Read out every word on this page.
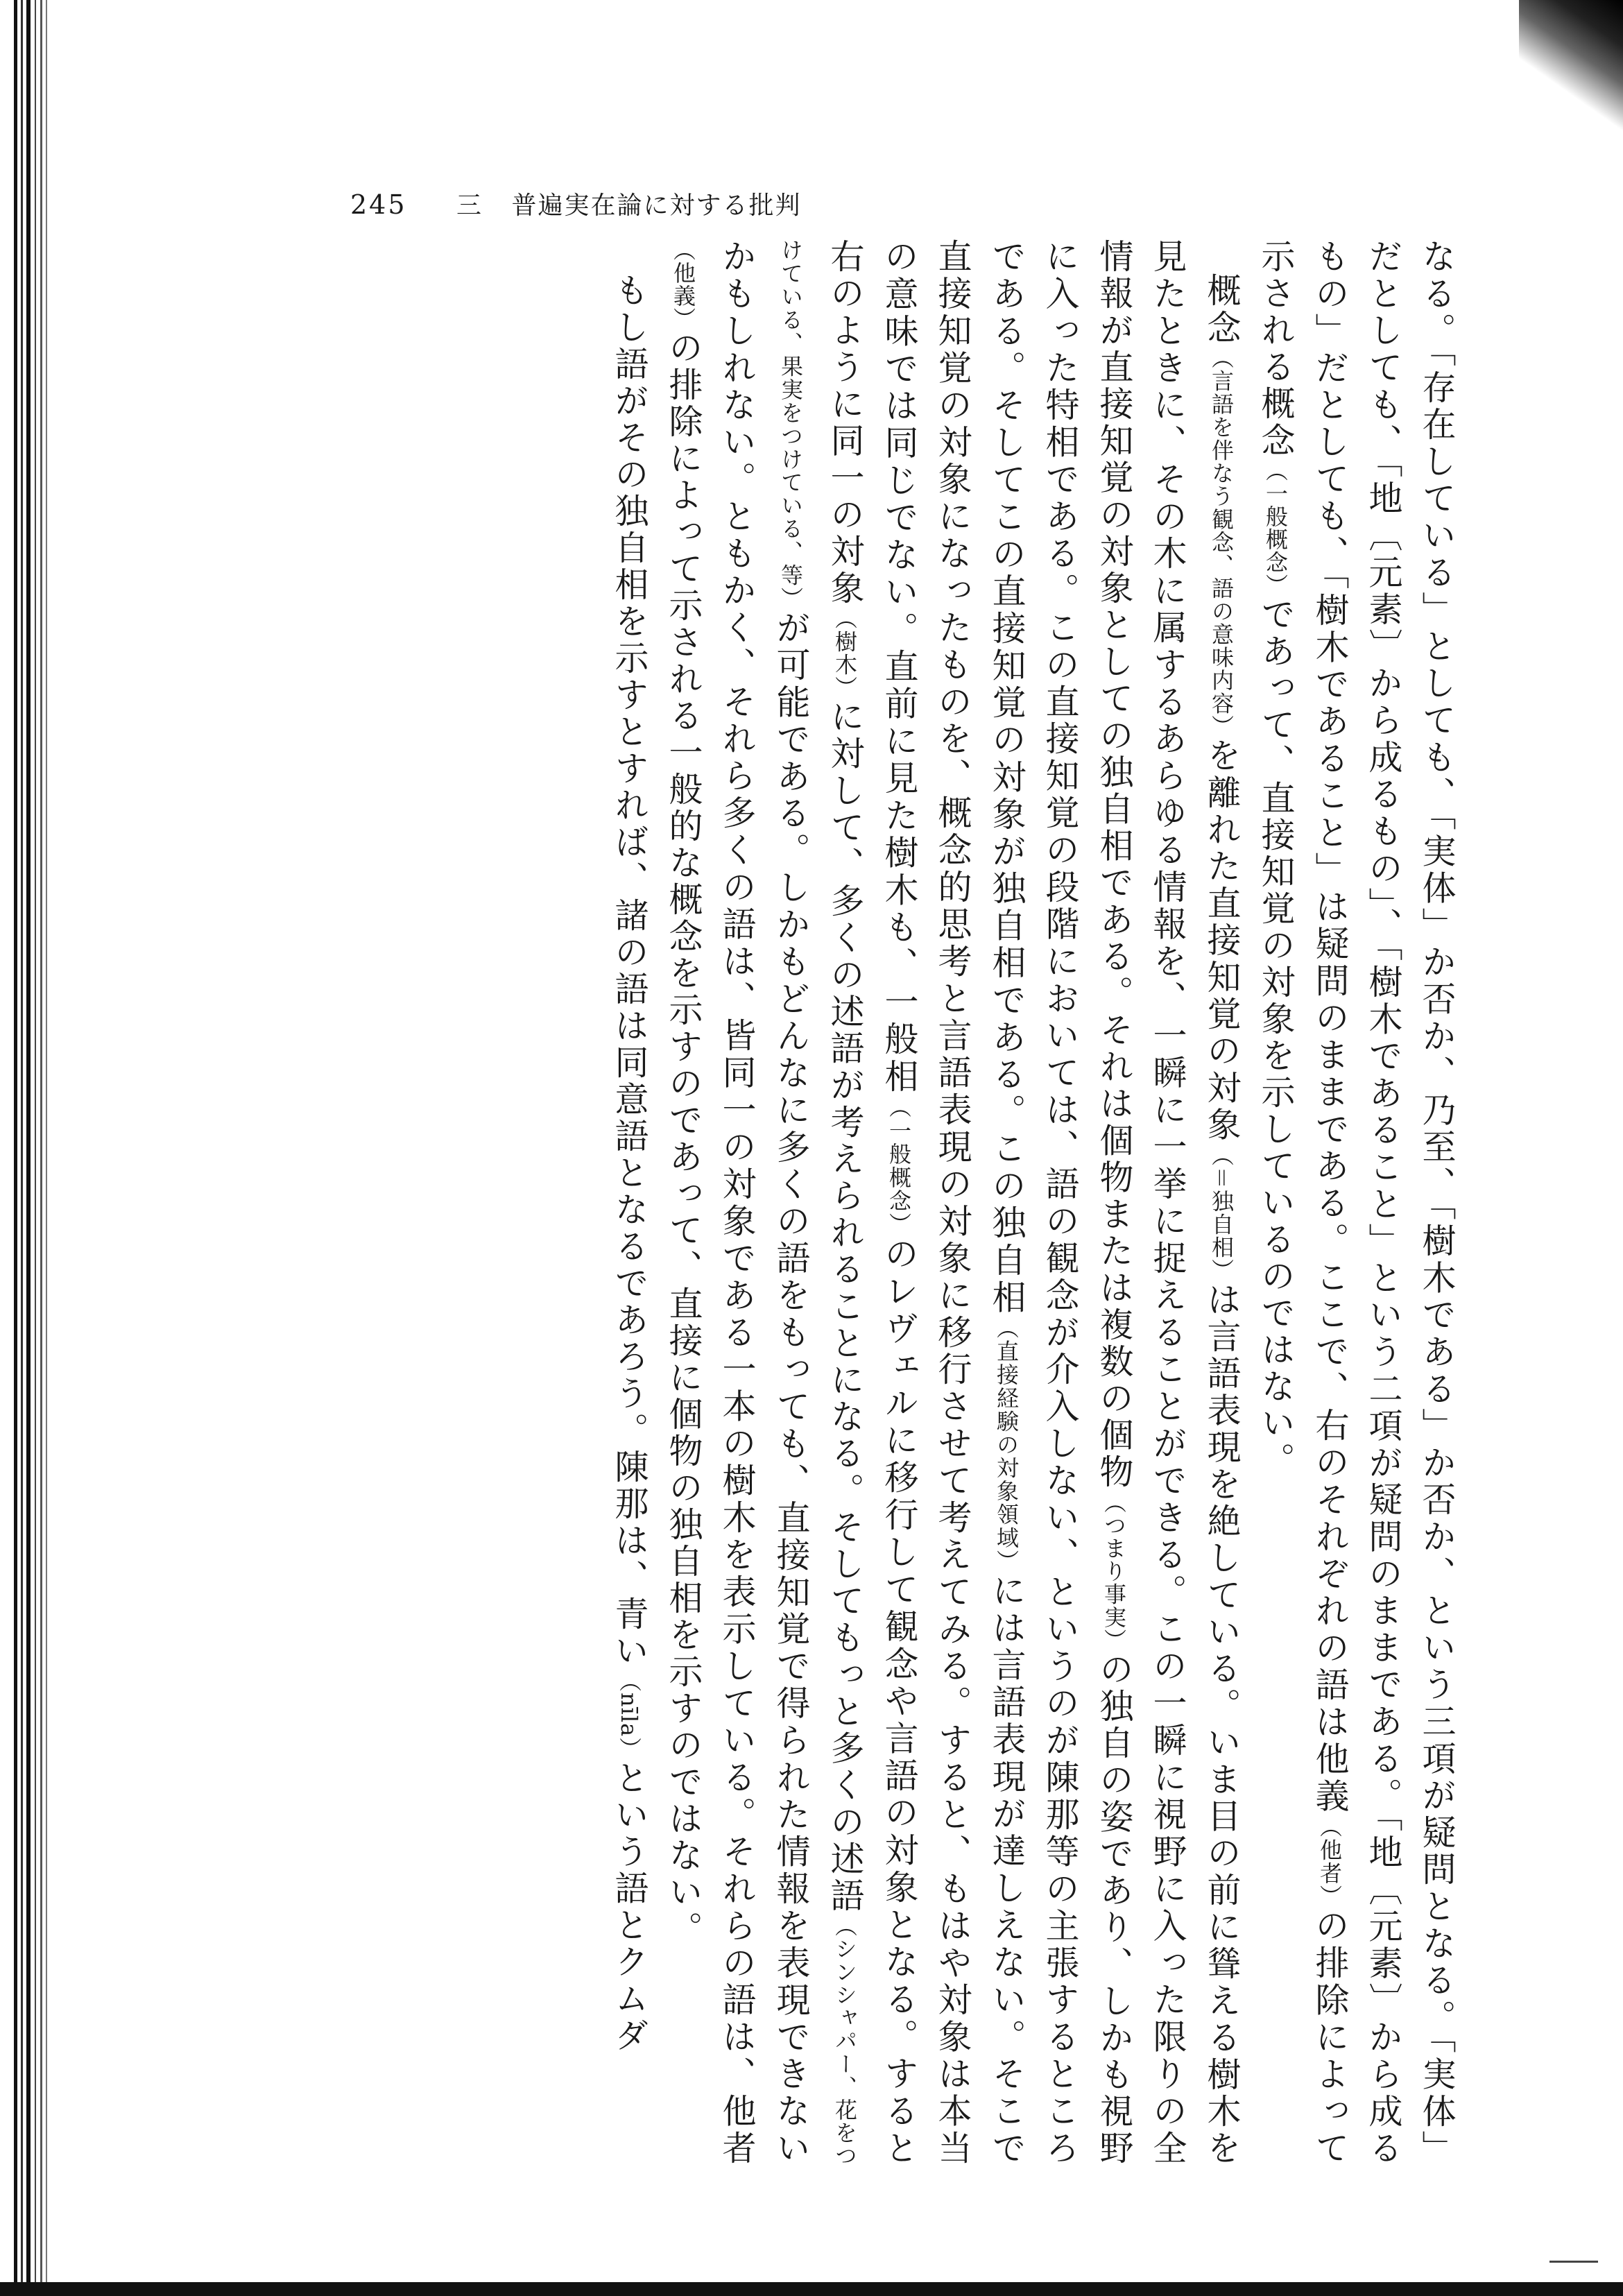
245 三 普遍実在論に対する批判

なる。「存在している」としても、「実体」か否か、乃至、「樹木である」か否か、という三項が疑問となる。「実体」だとしても、「地〔元素〕から成るもの」、「樹木であること」という二項が疑問のままである。「地〔元素〕から成るもの」だとしても、「樹木であること」は疑問のままである。ここで、右のそれぞれの語は他義（他者）の排除によって示される概念（一般概念）であって、直接知覚の対象を示しているのではない。

概念（言語を伴なう観念、語の意味内容）を離れた直接知覚の対象（＝独自相）は言語表現を絶している。いま目の前に聳える樹木を見たときに、その木に属するあらゆる情報を、一瞬に一挙に捉えることができる。この一瞬に視野に入った限りの全情報が直接知覚の対象としての独自相である。それは個物または複数の個物（つまり事実）の独自の姿であり、しかも視野に入った特相である。この直接知覚の段階においては、語の観念が介入しない、というのが陳那等の主張するところである。そしてこの直接知覚の対象が独自相である。この独自相（直接経験の対象領域）には言語表現が達しえない。そこで直接知覚の対象になったものを、概念的思考と言語表現の対象に移行させて考えてみる。すると、もはや対象は本当の意味では同じでない。直前に見た樹木も、一般相（一般概念）のレヴェルに移行して観念や言語の対象となる。すると右のように同一の対象（樹木）に対して、多くの述語が考えられることになる。そしてもっと多くの述語（シンシャパー、花をつけている、果実をつけている、等）が可能である。しかもどんなに多くの語をもっても、直接知覚で得られた情報を表現できないかもしれない。ともかく、それら多くの語は、皆同一の対象である一本の樹木を表示している。それらの語は、他者（他義）の排除によって示される一般的な概念を示すのであって、直接に個物の独自相を示すのではない。

もし語がその独自相を示すとすれば、諸の語は同意語となるであろう。陳那は、青い（nīla）という語とクムダ
